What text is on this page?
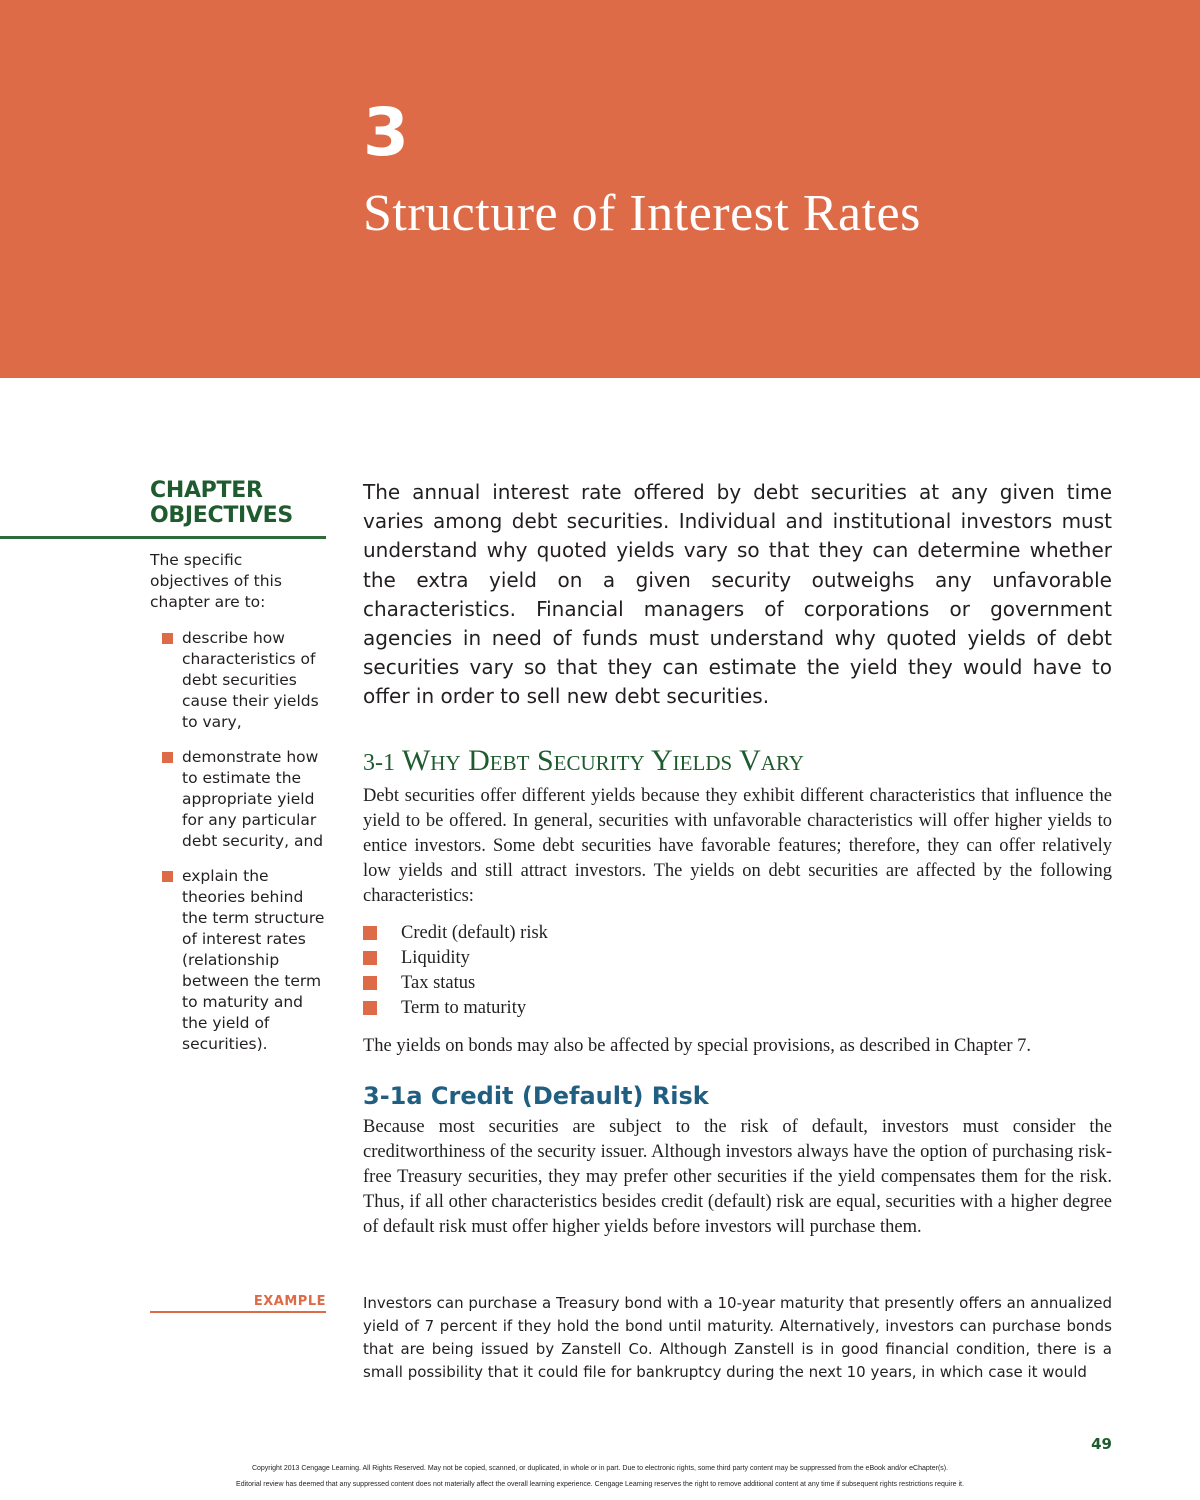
3
Structure of Interest Rates
CHAPTER
OBJECTIVES
The specific objectives of this chapter are to:
describe how characteristics of debt securities cause their yields to vary,
demonstrate how to estimate the appropriate yield for any particular debt security, and
explain the theories behind the term structure of interest rates (relationship between the term to maturity and the yield of securities).
The annual interest rate offered by debt securities at any given time varies among debt securities. Individual and institutional investors must understand why quoted yields vary so that they can determine whether the extra yield on a given security outweighs any unfavorable characteristics. Financial managers of corporations or government agencies in need of funds must understand why quoted yields of debt securities vary so that they can estimate the yield they would have to offer in order to sell new debt securities.
3-1 Why Debt Security Yields Vary
Debt securities offer different yields because they exhibit different characteristics that influence the yield to be offered. In general, securities with unfavorable characteristics will offer higher yields to entice investors. Some debt securities have favorable features; therefore, they can offer relatively low yields and still attract investors. The yields on debt securities are affected by the following characteristics:
Credit (default) risk
Liquidity
Tax status
Term to maturity
The yields on bonds may also be affected by special provisions, as described in Chapter 7.
3-1a Credit (Default) Risk
Because most securities are subject to the risk of default, investors must consider the creditworthiness of the security issuer. Although investors always have the option of purchasing risk-free Treasury securities, they may prefer other securities if the yield compensates them for the risk. Thus, if all other characteristics besides credit (default) risk are equal, securities with a higher degree of default risk must offer higher yields before investors will purchase them.
EXAMPLE Investors can purchase a Treasury bond with a 10-year maturity that presently offers an annualized yield of 7 percent if they hold the bond until maturity. Alternatively, investors can purchase bonds that are being issued by Zanstell Co. Although Zanstell is in good financial condition, there is a small possibility that it could file for bankruptcy during the next 10 years, in which case it would
49
Copyright 2013 Cengage Learning. All Rights Reserved. May not be copied, scanned, or duplicated, in whole or in part. Due to electronic rights, some third party content may be suppressed from the eBook and/or eChapter(s).
Editorial review has deemed that any suppressed content does not materially affect the overall learning experience. Cengage Learning reserves the right to remove additional content at any time if subsequent rights restrictions require it.
